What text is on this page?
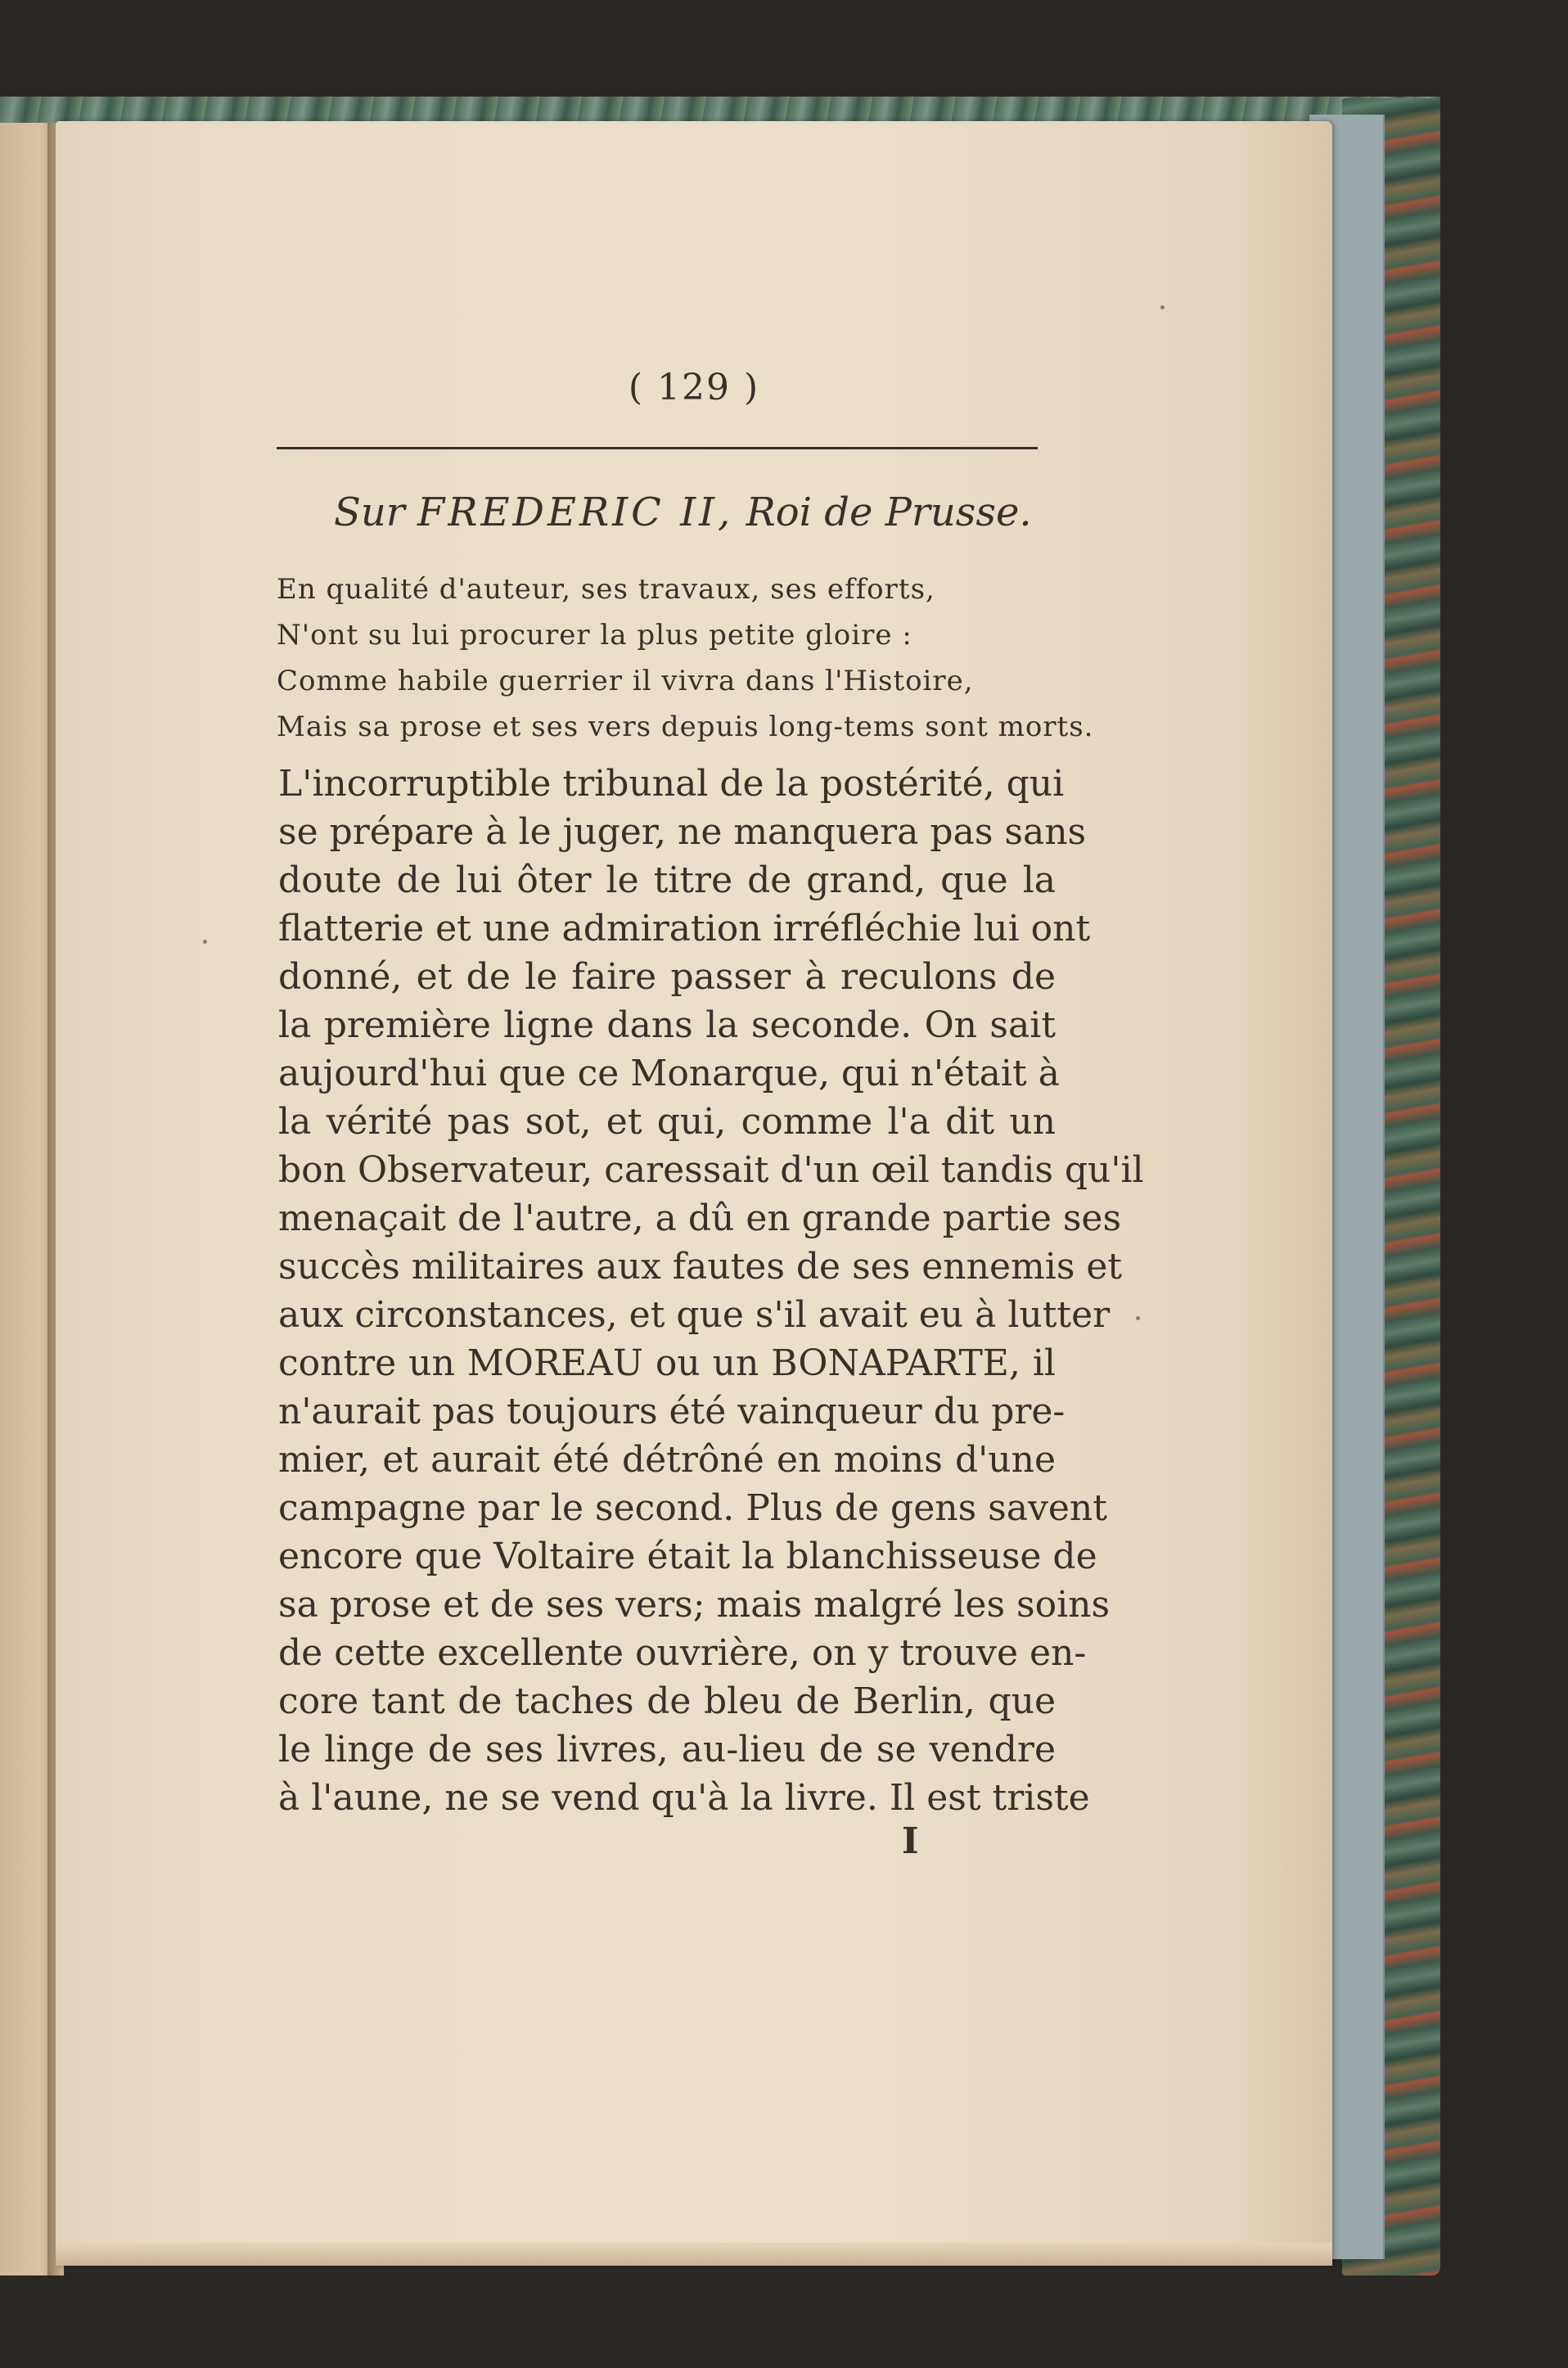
( 129 )
Sur FREDERIC II, Roi de Prusse.
En qualité d'auteur, ses travaux, ses efforts,
N'ont su lui procurer la plus petite gloire :
Comme habile guerrier il vivra dans l'Histoire,
Mais sa prose et ses vers depuis long-tems sont morts.
L'incorruptible tribunal de la postérité, qui
se prépare à le juger, ne manquera pas sans
doute de lui ôter le titre de grand, que la
flatterie et une admiration irréfléchie lui ont
donné, et de le faire passer à reculons de
la première ligne dans la seconde. On sait
aujourd'hui que ce Monarque, qui n'était à
la vérité pas sot, et qui, comme l'a dit un
bon Observateur, caressait d'un œil tandis qu'il
menaçait de l'autre, a dû en grande partie ses
succès militaires aux fautes de ses ennemis et
aux circonstances, et que s'il avait eu à lutter
contre un MOREAU ou un BONAPARTE, il
n'aurait pas toujours été vainqueur du pre-
mier, et aurait été détrôné en moins d'une
campagne par le second. Plus de gens savent
encore que Voltaire était la blanchisseuse de
sa prose et de ses vers; mais malgré les soins
de cette excellente ouvrière, on y trouve en-
core tant de taches de bleu de Berlin, que
le linge de ses livres, au-lieu de se vendre
à l'aune, ne se vend qu'à la livre. Il est triste
I
